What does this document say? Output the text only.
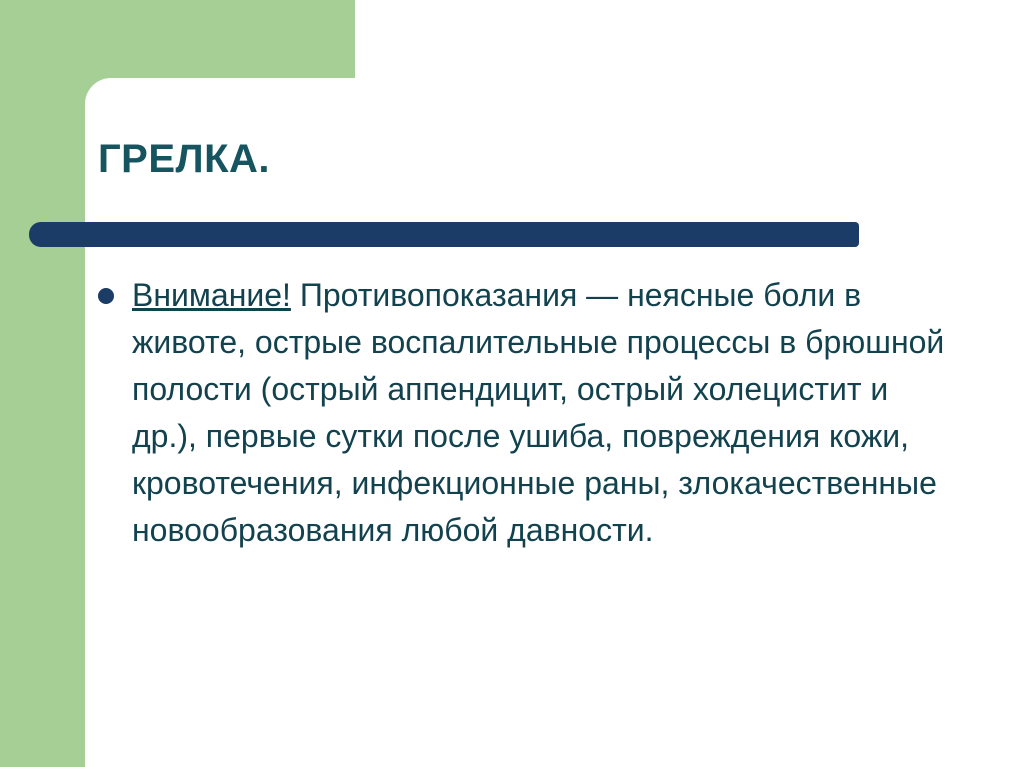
ГРЕЛКА.
Внимание! Противопоказания — неясные боли в животе, острые воспалительные процессы в брюшной полости (острый аппендицит, острый холецистит и др.), первые сутки после ушиба, повреждения кожи, кровотечения, инфекционные раны, злокачественные новообразования любой давности.
